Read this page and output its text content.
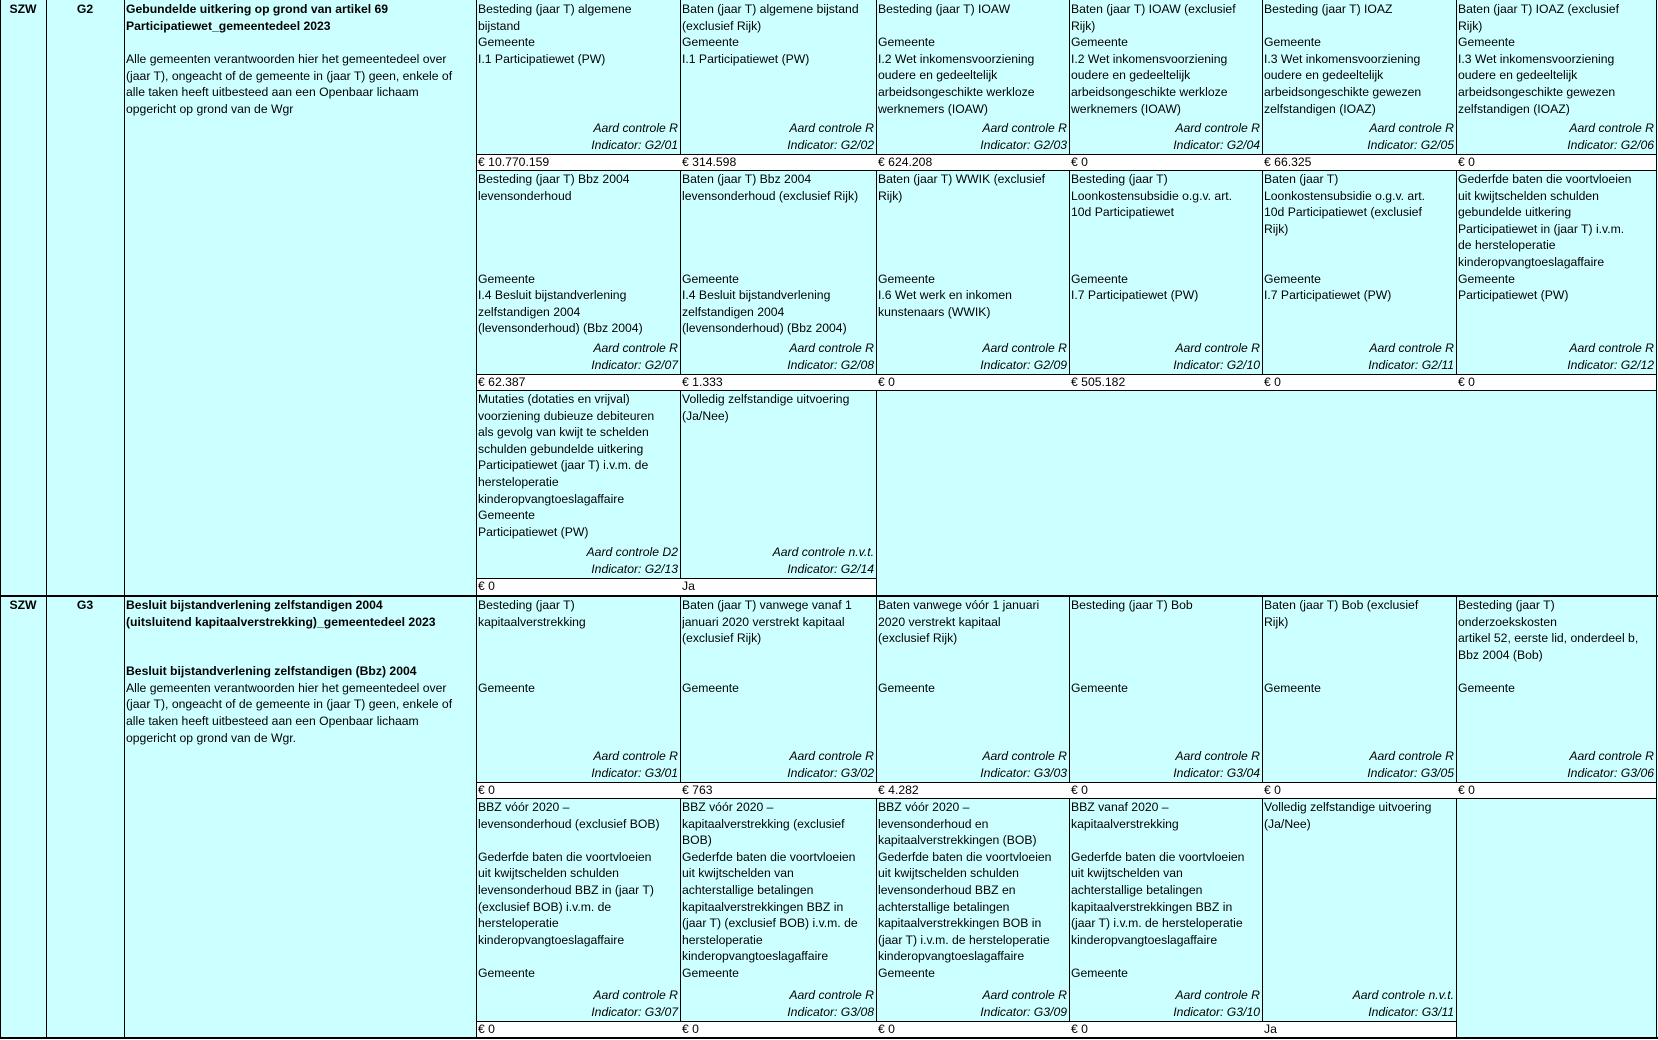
SZW	G2	Gebundelde uitkering op grond van artikel 69
Participatiewet_gemeentedeel 2023
Alle gemeenten verantwoorden hier het gemeentedeel over (jaar T), ongeacht of de gemeente in (jaar T) geen, enkele of alle taken heeft uitbesteed aan een Openbaar lichaam opgericht op grond van de Wgr
Besteding (jaar T) algemene
bijstand
Gemeente
I.1 Participatiewet (PW)
Aard controle R
Indicator: G2/01
€ 10.770.159
Baten (jaar T) algemene bijstand
(exclusief Rijk)
Gemeente
I.1 Participatiewet (PW)
Aard controle R
Indicator: G2/02
€ 314.598
Besteding (jaar T) IOAW

Gemeente
I.2 Wet inkomensvoorziening
oudere en gedeeltelijk
arbeidsongeschikte werkloze
werknemers (IOAW)
Aard controle R
Indicator: G2/03
€ 624.208
Baten (jaar T) IOAW (exclusief
Rijk)
Gemeente
I.2 Wet inkomensvoorziening
oudere en gedeeltelijk
arbeidsongeschikte werkloze
werknemers (IOAW)
Aard controle R
Indicator: G2/04
€ 0
Besteding (jaar T) IOAZ

Gemeente
I.3 Wet inkomensvoorziening
oudere en gedeeltelijk
arbeidsongeschikte gewezen
zelfstandigen (IOAZ)
Aard controle R
Indicator: G2/05
€ 66.325
Baten (jaar T) IOAZ (exclusief
Rijk)
Gemeente
I.3 Wet inkomensvoorziening
oudere en gedeeltelijk
arbeidsongeschikte gewezen
zelfstandigen (IOAZ)
Aard controle R
Indicator: G2/06
€ 0
Besteding (jaar T) Bbz 2004
levensonderhoud

Gemeente
I.4 Besluit bijstandverlening
zelfstandigen 2004
(levensonderhoud) (Bbz 2004)
Aard controle R
Indicator: G2/07
€ 62.387
Baten (jaar T) Bbz 2004
levensonderhoud (exclusief Rijk)

Gemeente
I.4 Besluit bijstandverlening
zelfstandigen 2004
(levensonderhoud) (Bbz 2004)
Aard controle R
Indicator: G2/08
€ 1.333
Baten (jaar T) WWIK (exclusief
Rijk)

Gemeente
I.6 Wet werk en inkomen
kunstenaars (WWIK)
Aard controle R
Indicator: G2/09
€ 0
Besteding (jaar T)
Loonkostensubsidie o.g.v. art.
10d Participatiewet

Gemeente
I.7 Participatiewet (PW)
Aard controle R
Indicator: G2/10
€ 505.182
Baten (jaar T)
Loonkostensubsidie o.g.v. art.
10d Participatiewet (exclusief
Rijk)

Gemeente
I.7 Participatiewet (PW)
Aard controle R
Indicator: G2/11
€ 0
Gederfde baten die voortvloeien
uit kwijtschelden schulden
gebundelde uitkering
Participatiewet in (jaar T) i.v.m.
de hersteloperatie
kinderopvangtoeslagaffaire
Gemeente
Participatiewet (PW)
Aard controle R
Indicator: G2/12
€ 0
Mutaties (dotaties en vrijval)
voorziening dubieuze debiteuren
als gevolg van kwijt te schelden
schulden gebundelde uitkering
Participatiewet (jaar T) i.v.m. de
hersteloperatie
kinderopvangtoeslagaffaire
Gemeente
Participatiewet (PW)
Aard controle D2
Indicator: G2/13
€ 0
Volledig zelfstandige uitvoering
(Ja/Nee)
Aard controle n.v.t.
Indicator: G2/14
Ja
SZW	G3	Besluit bijstandverlening zelfstandigen 2004
(uitsluitend kapitaalverstrekking)_gemeentedeel 2023
Besluit bijstandverlening zelfstandigen (Bbz) 2004
Alle gemeenten verantwoorden hier het gemeentedeel over (jaar T), ongeacht of de gemeente in (jaar T) geen, enkele of alle taken heeft uitbesteed aan een Openbaar lichaam opgericht op grond van de Wgr.
Besteding (jaar T)
kapitaalverstrekking

Gemeente
Aard controle R
Indicator: G3/01
€ 0
Baten (jaar T) vanwege vanaf 1
januari 2020 verstrekt kapitaal
(exclusief Rijk)

Gemeente
Aard controle R
Indicator: G3/02
€ 763
Baten vanwege vóór 1 januari
2020 verstrekt kapitaal
(exclusief Rijk)

Gemeente
Aard controle R
Indicator: G3/03
€ 4.282
Besteding (jaar T) Bob

Gemeente
Aard controle R
Indicator: G3/04
€ 0
Baten (jaar T) Bob (exclusief
Rijk)

Gemeente
Aard controle R
Indicator: G3/05
€ 0
Besteding (jaar T)
onderzoekskosten
artikel 52, eerste lid, onderdeel b,
Bbz 2004 (Bob)

Gemeente
Aard controle R
Indicator: G3/06
€ 0
BBZ vóór 2020 –
levensonderhoud (exclusief BOB)

Gederfde baten die voortvloeien
uit kwijtschelden schulden
levensonderhoud BBZ in (jaar T)
(exclusief BOB) i.v.m. de
hersteloperatie
kinderopvangtoeslagaffaire

Gemeente
Aard controle R
Indicator: G3/07
€ 0
BBZ vóór 2020 –
kapitaalverstrekking (exclusief
BOB)
Gederfde baten die voortvloeien
uit kwijtschelden van
achterstallige betalingen
kapitaalverstrekkingen BBZ in
(jaar T) (exclusief BOB) i.v.m. de
hersteloperatie
kinderopvangtoeslagaffaire
Gemeente
Aard controle R
Indicator: G3/08
€ 0
BBZ vóór 2020 –
levensonderhoud en
kapitaalverstrekkingen (BOB)
Gederfde baten die voortvloeien
uit kwijtschelden schulden
levensonderhoud BBZ en
achterstallige betalingen
kapitaalverstrekkingen BOB in
(jaar T) i.v.m. de hersteloperatie
kinderopvangtoeslagaffaire
Gemeente
Aard controle R
Indicator: G3/09
€ 0
BBZ vanaf 2020 –
kapitaalverstrekking

Gederfde baten die voortvloeien
uit kwijtschelden van
achterstallige betalingen
kapitaalverstrekkingen BBZ in
(jaar T) i.v.m. de hersteloperatie
kinderopvangtoeslagaffaire

Gemeente
Aard controle R
Indicator: G3/10
€ 0
Volledig zelfstandige uitvoering
(Ja/Nee)
Aard controle n.v.t.
Indicator: G3/11
Ja
